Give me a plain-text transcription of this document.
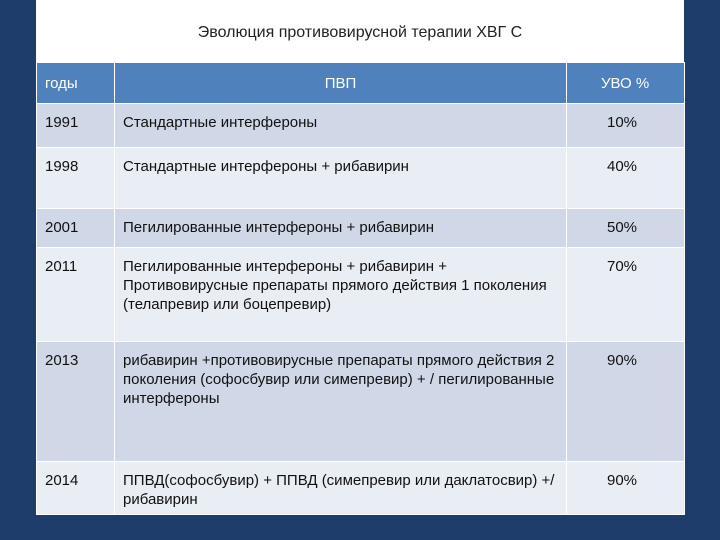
Эволюция противовирусной терапии ХВГ С
годы	ПВП	УВО %

1991	Стандартные интерфероны	10%

1998	Стандартные интерфероны + рибавирин	40%

2001	Пегилированные интерфероны + рибавирин	50%

2011	Пегилированные интерфероны + рибавирин + Противовирусные препараты прямого действия 1 поколения (телапревир или боцепревир)	70%

2013	рибавирин +противовирусные препараты прямого действия 2 поколения (софосбувир или симепревир) + / пегилированные интерфероны	90%

2014	ППВД(софосбувир) + ППВД (симепревир или даклатосвир) +/ рибавирин	90%
